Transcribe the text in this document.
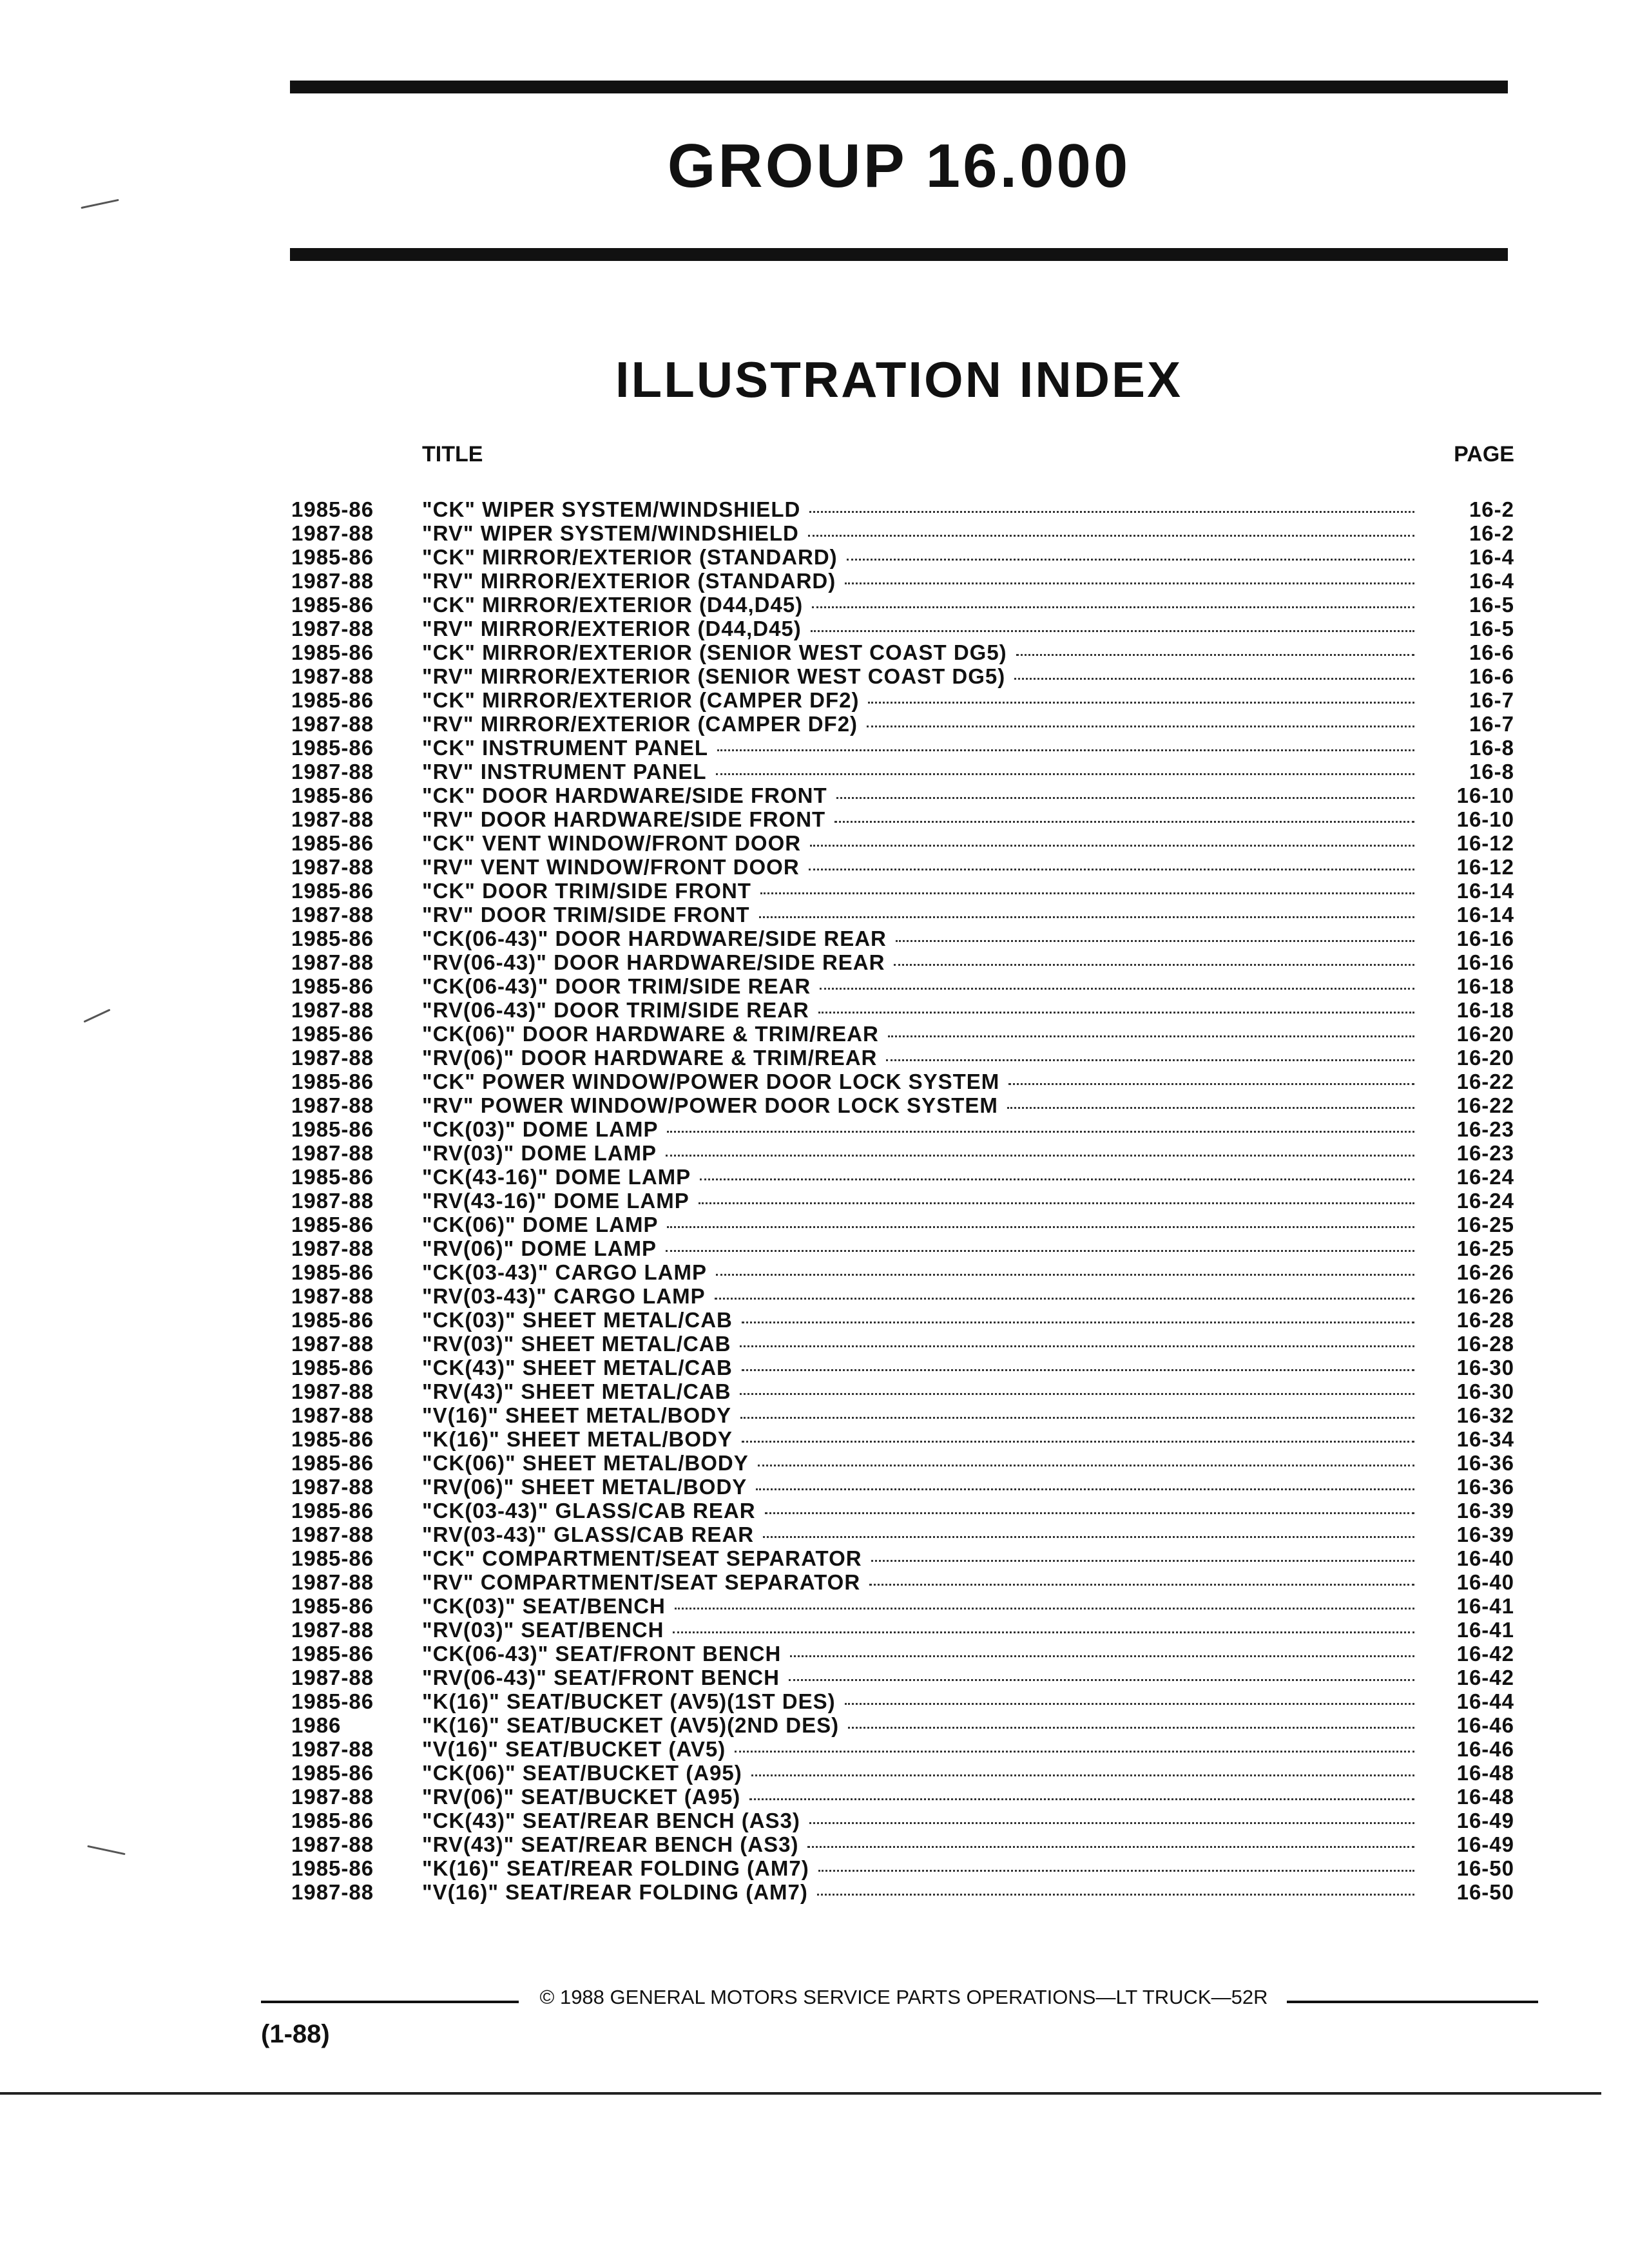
GROUP 16.000
ILLUSTRATION INDEX
TITLE	PAGE
1985-86	"CK" WIPER SYSTEM/WINDSHIELD	16-2
1987-88	"RV" WIPER SYSTEM/WINDSHIELD	16-2
1985-86	"CK" MIRROR/EXTERIOR (STANDARD)	16-4
1987-88	"RV" MIRROR/EXTERIOR (STANDARD)	16-4
1985-86	"CK" MIRROR/EXTERIOR (D44,D45)	16-5
1987-88	"RV" MIRROR/EXTERIOR (D44,D45)	16-5
1985-86	"CK" MIRROR/EXTERIOR (SENIOR WEST COAST DG5)	16-6
1987-88	"RV" MIRROR/EXTERIOR (SENIOR WEST COAST DG5)	16-6
1985-86	"CK" MIRROR/EXTERIOR (CAMPER DF2)	16-7
1987-88	"RV" MIRROR/EXTERIOR (CAMPER DF2)	16-7
1985-86	"CK" INSTRUMENT PANEL	16-8
1987-88	"RV" INSTRUMENT PANEL	16-8
1985-86	"CK" DOOR HARDWARE/SIDE FRONT	16-10
1987-88	"RV" DOOR HARDWARE/SIDE FRONT	16-10
1985-86	"CK" VENT WINDOW/FRONT DOOR	16-12
1987-88	"RV" VENT WINDOW/FRONT DOOR	16-12
1985-86	"CK" DOOR TRIM/SIDE FRONT	16-14
1987-88	"RV" DOOR TRIM/SIDE FRONT	16-14
1985-86	"CK(06-43)" DOOR HARDWARE/SIDE REAR	16-16
1987-88	"RV(06-43)" DOOR HARDWARE/SIDE REAR	16-16
1985-86	"CK(06-43)" DOOR TRIM/SIDE REAR	16-18
1987-88	"RV(06-43)" DOOR TRIM/SIDE REAR	16-18
1985-86	"CK(06)" DOOR HARDWARE & TRIM/REAR	16-20
1987-88	"RV(06)" DOOR HARDWARE & TRIM/REAR	16-20
1985-86	"CK" POWER WINDOW/POWER DOOR LOCK SYSTEM	16-22
1987-88	"RV" POWER WINDOW/POWER DOOR LOCK SYSTEM	16-22
1985-86	"CK(03)" DOME LAMP	16-23
1987-88	"RV(03)" DOME LAMP	16-23
1985-86	"CK(43-16)" DOME LAMP	16-24
1987-88	"RV(43-16)" DOME LAMP	16-24
1985-86	"CK(06)" DOME LAMP	16-25
1987-88	"RV(06)" DOME LAMP	16-25
1985-86	"CK(03-43)" CARGO LAMP	16-26
1987-88	"RV(03-43)" CARGO LAMP	16-26
1985-86	"CK(03)" SHEET METAL/CAB	16-28
1987-88	"RV(03)" SHEET METAL/CAB	16-28
1985-86	"CK(43)" SHEET METAL/CAB	16-30
1987-88	"RV(43)" SHEET METAL/CAB	16-30
1987-88	"V(16)" SHEET METAL/BODY	16-32
1985-86	"K(16)" SHEET METAL/BODY	16-34
1985-86	"CK(06)" SHEET METAL/BODY	16-36
1987-88	"RV(06)" SHEET METAL/BODY	16-36
1985-86	"CK(03-43)" GLASS/CAB REAR	16-39
1987-88	"RV(03-43)" GLASS/CAB REAR	16-39
1985-86	"CK" COMPARTMENT/SEAT SEPARATOR	16-40
1987-88	"RV" COMPARTMENT/SEAT SEPARATOR	16-40
1985-86	"CK(03)" SEAT/BENCH	16-41
1987-88	"RV(03)" SEAT/BENCH	16-41
1985-86	"CK(06-43)" SEAT/FRONT BENCH	16-42
1987-88	"RV(06-43)" SEAT/FRONT BENCH	16-42
1985-86	"K(16)" SEAT/BUCKET (AV5)(1ST DES)	16-44
1986	"K(16)" SEAT/BUCKET (AV5)(2ND DES)	16-46
1987-88	"V(16)" SEAT/BUCKET (AV5)	16-46
1985-86	"CK(06)" SEAT/BUCKET (A95)	16-48
1987-88	"RV(06)" SEAT/BUCKET (A95)	16-48
1985-86	"CK(43)" SEAT/REAR BENCH (AS3)	16-49
1987-88	"RV(43)" SEAT/REAR BENCH (AS3)	16-49
1985-86	"K(16)" SEAT/REAR FOLDING (AM7)	16-50
1987-88	"V(16)" SEAT/REAR FOLDING (AM7)	16-50
© 1988 GENERAL MOTORS SERVICE PARTS OPERATIONS—LT TRUCK—52R
(1-88)
